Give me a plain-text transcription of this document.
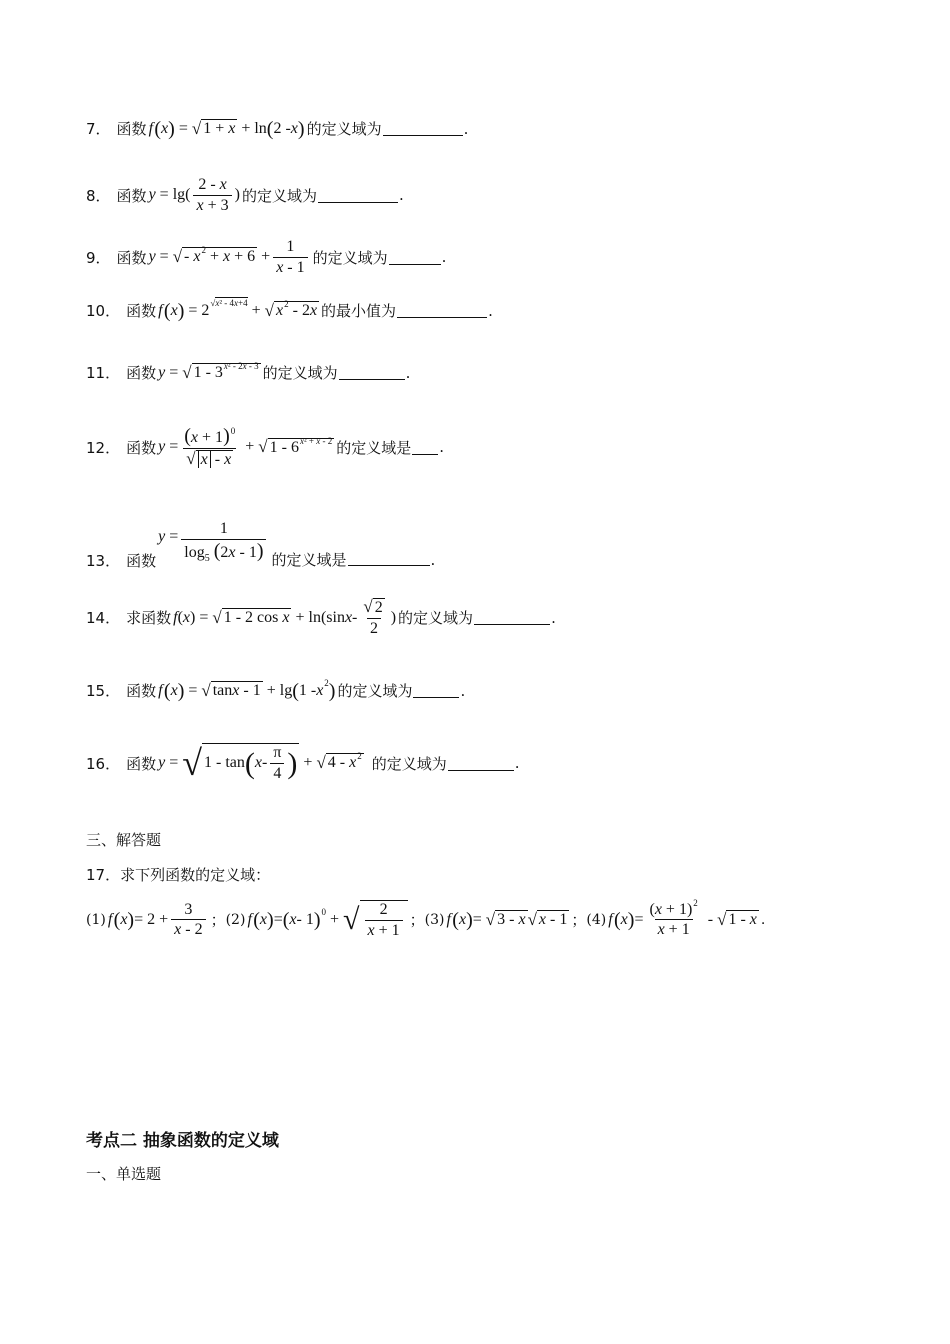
7． 函数 f
  ( x ) = √ 1 + x + ln ( 2 - x ) 的定义域为	.
8． 函数 $y = \lg( \frac{2 - x}{x + 3}$ ) 的定义域为	.
9． 函数 y = √ - $x^2 + x + 6 + \frac{1}{x - 1}$ 的定义域为	.
10． 函数 f
  ( x ) = 2 √x² - 4x+4 + √ $x^2 - 2x$ 的最小值为	.
11． 函数 y = √ $1 - 3^{x^2 - 2x - 3}$ 的定义域为	.
12． 函数 $y = \frac{(x + 1)^0}{√ x - x}$ + √ $1 - 6^{x^2 + x - 2}$ 的定义域是 .
13． 函数
y
= $\frac{1}{\log_5 (2x - 1)}$ 的定义域是	.
14． 求函数 f ( x ) = √ 1 - 2 cos x + ln(sin x - $\frac{√ 2}{2}$ ) 的定义域为	.
15． 函数 f
  ( x ) = √ tanx - 1 + lg ( 1 - x 2 ) 的定义域为	.
16． 函数 y = √ 1 - tan ( x - $\frac{\pi}{4}$ ) + √ $4 - x^2$ 的定义域为	.
三、解答题
17．求下列函数的定义域：
(1) f
  ( x ) = $2 + \frac{3}{x - 2}$ ； (2) f
  ( x ) = ( x - 1 ) 0 + √ $\frac{2}{x + 1}$ ； (3) f
  ( x ) = √ 3 - x √ x - 1 ； (4) f
  ( x ) = $\frac{(x + 1)^2}{x + 1}$ - √ 1 - x .
考点二 抽象函数的定义域
一、单选题
